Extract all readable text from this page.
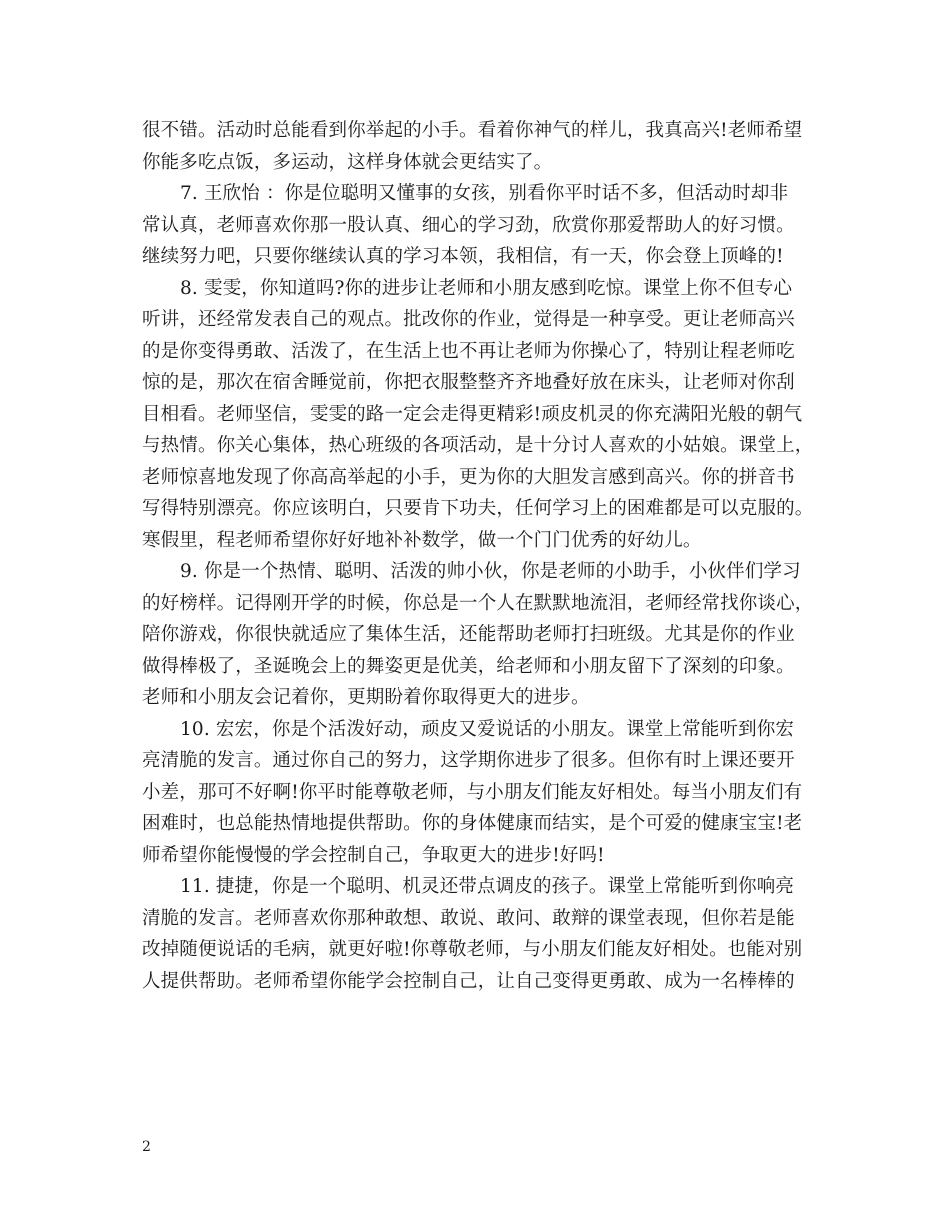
很不错。活动时总能看到你举起的小手。看着你神气的样儿，我真高兴!老师希望
你能多吃点饭，多运动，这样身体就会更结实了。
7. 王欣怡 ：你是位聪明又懂事的女孩，别看你平时话不多，但活动时却非
常认真，老师喜欢你那一股认真、细心的学习劲，欣赏你那爱帮助人的好习惯。
继续努力吧，只要你继续认真的学习本领，我相信，有一天，你会登上顶峰的!
8. 雯雯，你知道吗?你的进步让老师和小朋友感到吃惊。课堂上你不但专心
听讲，还经常发表自己的观点。批改你的作业，觉得是一种享受。更让老师高兴
的是你变得勇敢、活泼了，在生活上也不再让老师为你操心了，特别让程老师吃
惊的是，那次在宿舍睡觉前，你把衣服整整齐齐地叠好放在床头，让老师对你刮
目相看。老师坚信，雯雯的路一定会走得更精彩!顽皮机灵的你充满阳光般的朝气
与热情。你关心集体，热心班级的各项活动，是十分讨人喜欢的小姑娘。课堂上，
老师惊喜地发现了你高高举起的小手，更为你的大胆发言感到高兴。你的拼音书
写得特别漂亮。你应该明白，只要肯下功夫，任何学习上的困难都是可以克服的。
寒假里，程老师希望你好好地补补数学，做一个门门优秀的好幼儿。
9. 你是一个热情、聪明、活泼的帅小伙，你是老师的小助手，小伙伴们学习
的好榜样。记得刚开学的时候，你总是一个人在默默地流泪，老师经常找你谈心，
陪你游戏，你很快就适应了集体生活，还能帮助老师打扫班级。尤其是你的作业
做得棒极了，圣诞晚会上的舞姿更是优美，给老师和小朋友留下了深刻的印象。
老师和小朋友会记着你，更期盼着你取得更大的进步。
10. 宏宏，你是个活泼好动，顽皮又爱说话的小朋友。课堂上常能听到你宏
亮清脆的发言。通过你自己的努力，这学期你进步了很多。但你有时上课还要开
小差，那可不好啊!你平时能尊敬老师，与小朋友们能友好相处。每当小朋友们有
困难时，也总能热情地提供帮助。你的身体健康而结实，是个可爱的健康宝宝!老
师希望你能慢慢的学会控制自己，争取更大的进步!好吗!
11. 捷捷，你是一个聪明、机灵还带点调皮的孩子。课堂上常能听到你响亮
清脆的发言。老师喜欢你那种敢想、敢说、敢问、敢辩的课堂表现，但你若是能
改掉随便说话的毛病，就更好啦!你尊敬老师，与小朋友们能友好相处。也能对别
人提供帮助。老师希望你能学会控制自己，让自己变得更勇敢、成为一名棒棒的
2
